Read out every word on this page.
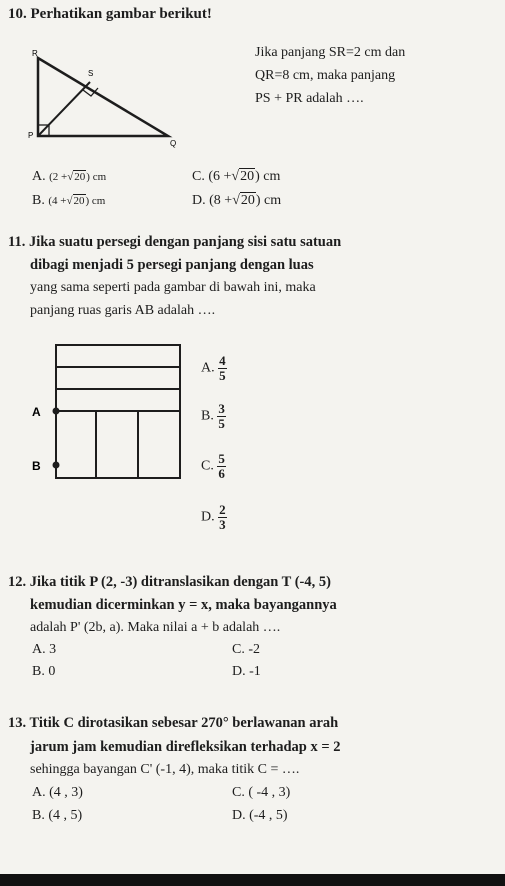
10. Perhatikan gambar berikut!
R
S
P
Q
Jika panjang SR=2 cm dan
QR=8 cm, maka panjang
PS + PR adalah ….
A. (2 +√20) cm
B. (4 +√20) cm
C. (6 +√20) cm
D. (8 +√20) cm
11. Jika suatu persegi dengan panjang sisi satu satuan
dibagi menjadi 5 persegi panjang dengan luas
yang sama seperti pada gambar di bawah ini, maka
panjang ruas garis AB adalah ….
A
B
A. $\frac{4}{5}$
B. $\frac{3}{5}$
C. $\frac{5}{6}$
D. $\frac{2}{3}$
12. Jika titik P (2, -3) ditranslasikan dengan T (-4, 5)
kemudian dicerminkan y = x, maka bayangannya
adalah P' (2b, a). Maka nilai a + b adalah ….
A. 3
B. 0
C. -2
D. -1
13. Titik C dirotasikan sebesar 270° berlawanan arah
jarum jam kemudian direfleksikan terhadap x = 2
sehingga bayangan C' (-1, 4), maka titik C = ….
A. (4 , 3)
B. (4 , 5)
C. ( -4 , 3)
D. (-4 , 5)
